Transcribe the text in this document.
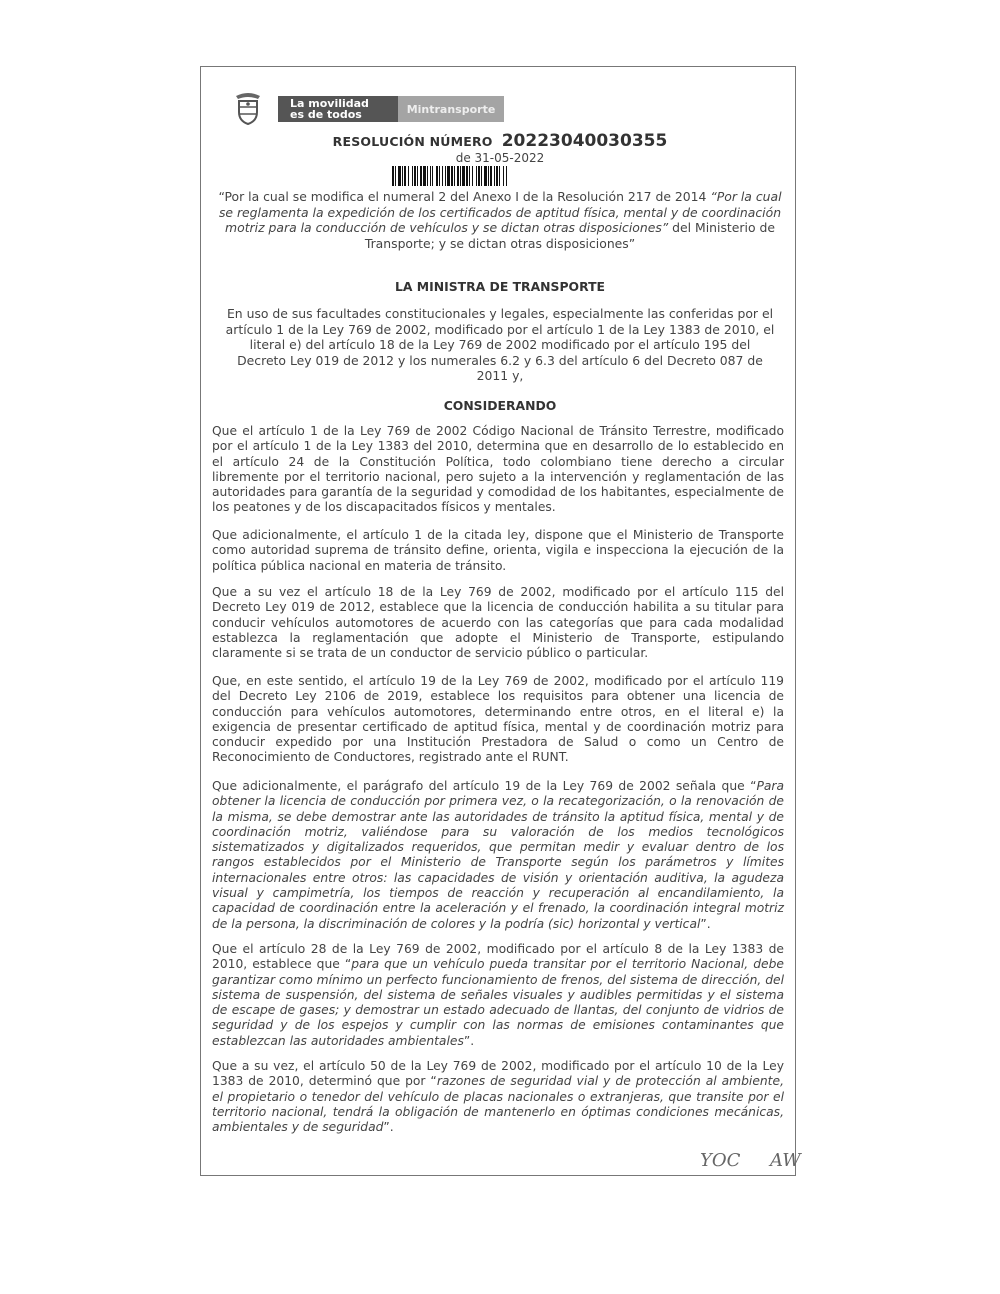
La movilidad
es de todos	Mintransporte
RESOLUCIÓN NÚMERO 20223040030355
de 31-05-2022
“Por la cual se modifica el numeral 2 del Anexo I de la Resolución 217 de 2014 “Por la cual se reglamenta la expedición de los certificados de aptitud física, mental y de coordinación motriz para la conducción de vehículos y se dictan otras disposiciones” del Ministerio de Transporte; y se dictan otras disposiciones”
LA MINISTRA DE TRANSPORTE
En uso de sus facultades constitucionales y legales, especialmente las conferidas por el artículo 1 de la Ley 769 de 2002, modificado por el artículo 1 de la Ley 1383 de 2010, el literal e) del artículo 18 de la Ley 769 de 2002 modificado por el artículo 195 del Decreto Ley 019 de 2012 y los numerales 6.2 y 6.3 del artículo 6 del Decreto 087 de 2011 y,
CONSIDERANDO
Que el artículo 1 de la Ley 769 de 2002 Código Nacional de Tránsito Terrestre, modificado por el artículo 1 de la Ley 1383 del 2010, determina que en desarrollo de lo establecido en el artículo 24 de la Constitución Política, todo colombiano tiene derecho a circular libremente por el territorio nacional, pero sujeto a la intervención y reglamentación de las autoridades para garantía de la seguridad y comodidad de los habitantes, especialmente de los peatones y de los discapacitados físicos y mentales.
Que adicionalmente, el artículo 1 de la citada ley, dispone que el Ministerio de Transporte como autoridad suprema de tránsito define, orienta, vigila e inspecciona la ejecución de la política pública nacional en materia de tránsito.
Que a su vez el artículo 18 de la Ley 769 de 2002, modificado por el artículo 115 del Decreto Ley 019 de 2012, establece que la licencia de conducción habilita a su titular para conducir vehículos automotores de acuerdo con las categorías que para cada modalidad establezca la reglamentación que adopte el Ministerio de Transporte, estipulando claramente si se trata de un conductor de servicio público o particular.
Que, en este sentido, el artículo 19 de la Ley 769 de 2002, modificado por el artículo 119 del Decreto Ley 2106 de 2019, establece los requisitos para obtener una licencia de conducción para vehículos automotores, determinando entre otros, en el literal e) la exigencia de presentar certificado de aptitud física, mental y de coordinación motriz para conducir expedido por una Institución Prestadora de Salud o como un Centro de Reconocimiento de Conductores, registrado ante el RUNT.
Que adicionalmente, el parágrafo del artículo 19 de la Ley 769 de 2002 señala que “Para obtener la licencia de conducción por primera vez, o la recategorización, o la renovación de la misma, se debe demostrar ante las autoridades de tránsito la aptitud física, mental y de coordinación motriz, valiéndose para su valoración de los medios tecnológicos sistematizados y digitalizados requeridos, que permitan medir y evaluar dentro de los rangos establecidos por el Ministerio de Transporte según los parámetros y límites internacionales entre otros: las capacidades de visión y orientación auditiva, la agudeza visual y campimetría, los tiempos de reacción y recuperación al encandilamiento, la capacidad de coordinación entre la aceleración y el frenado, la coordinación integral motriz de la persona, la discriminación de colores y la podría (sic) horizontal y vertical”.
Que el artículo 28 de la Ley 769 de 2002, modificado por el artículo 8 de la Ley 1383 de 2010, establece que “para que un vehículo pueda transitar por el territorio Nacional, debe garantizar como mínimo un perfecto funcionamiento de frenos, del sistema de dirección, del sistema de suspensión, del sistema de señales visuales y audibles permitidas y el sistema de escape de gases; y demostrar un estado adecuado de llantas, del conjunto de vidrios de seguridad y de los espejos y cumplir con las normas de emisiones contaminantes que establezcan las autoridades ambientales”.
Que a su vez, el artículo 50 de la Ley 769 de 2002, modificado por el artículo 10 de la Ley 1383 de 2010, determinó que por “razones de seguridad vial y de protección al ambiente, el propietario o tenedor del vehículo de placas nacionales o extranjeras, que transite por el territorio nacional, tendrá la obligación de mantenerlo en óptimas condiciones mecánicas, ambientales y de seguridad”.
YOC AW
